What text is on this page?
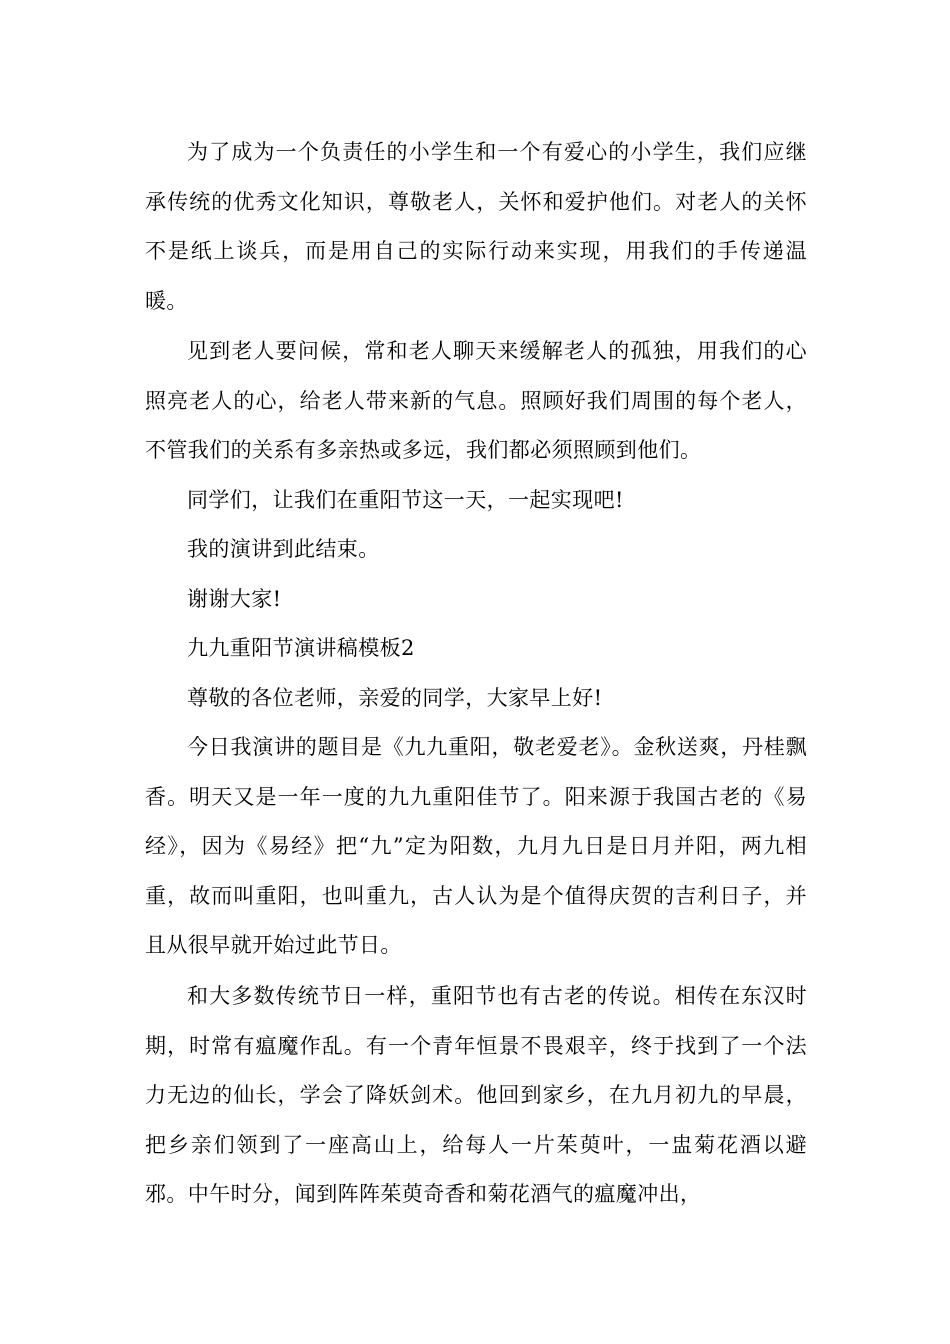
为了成为一个负责任的小学生和一个有爱心的小学生，我们应继承传统的优秀文化知识，尊敬老人，关怀和爱护他们。对老人的关怀不是纸上谈兵，而是用自己的实际行动来实现，用我们的手传递温暖。

见到老人要问候，常和老人聊天来缓解老人的孤独，用我们的心照亮老人的心，给老人带来新的气息。照顾好我们周围的每个老人，不管我们的关系有多亲热或多远，我们都必须照顾到他们。

同学们，让我们在重阳节这一天，一起实现吧!

我的演讲到此结束。

谢谢大家!

九九重阳节演讲稿模板2

尊敬的各位老师，亲爱的同学，大家早上好!

今日我演讲的题目是《九九重阳，敬老爱老》。金秋送爽，丹桂飘香。明天又是一年一度的九九重阳佳节了。阳来源于我国古老的《易经》，因为《易经》把“九”定为阳数，九月九日是日月并阳，两九相重，故而叫重阳，也叫重九，古人认为是个值得庆贺的吉利日子，并且从很早就开始过此节日。

和大多数传统节日一样，重阳节也有古老的传说。相传在东汉时期，时常有瘟魔作乱。有一个青年恒景不畏艰辛，终于找到了一个法力无边的仙长，学会了降妖剑术。他回到家乡，在九月初九的早晨，把乡亲们领到了一座高山上，给每人一片茱萸叶，一盅菊花酒以避邪。中午时分，闻到阵阵茱萸奇香和菊花酒气的瘟魔冲出，
